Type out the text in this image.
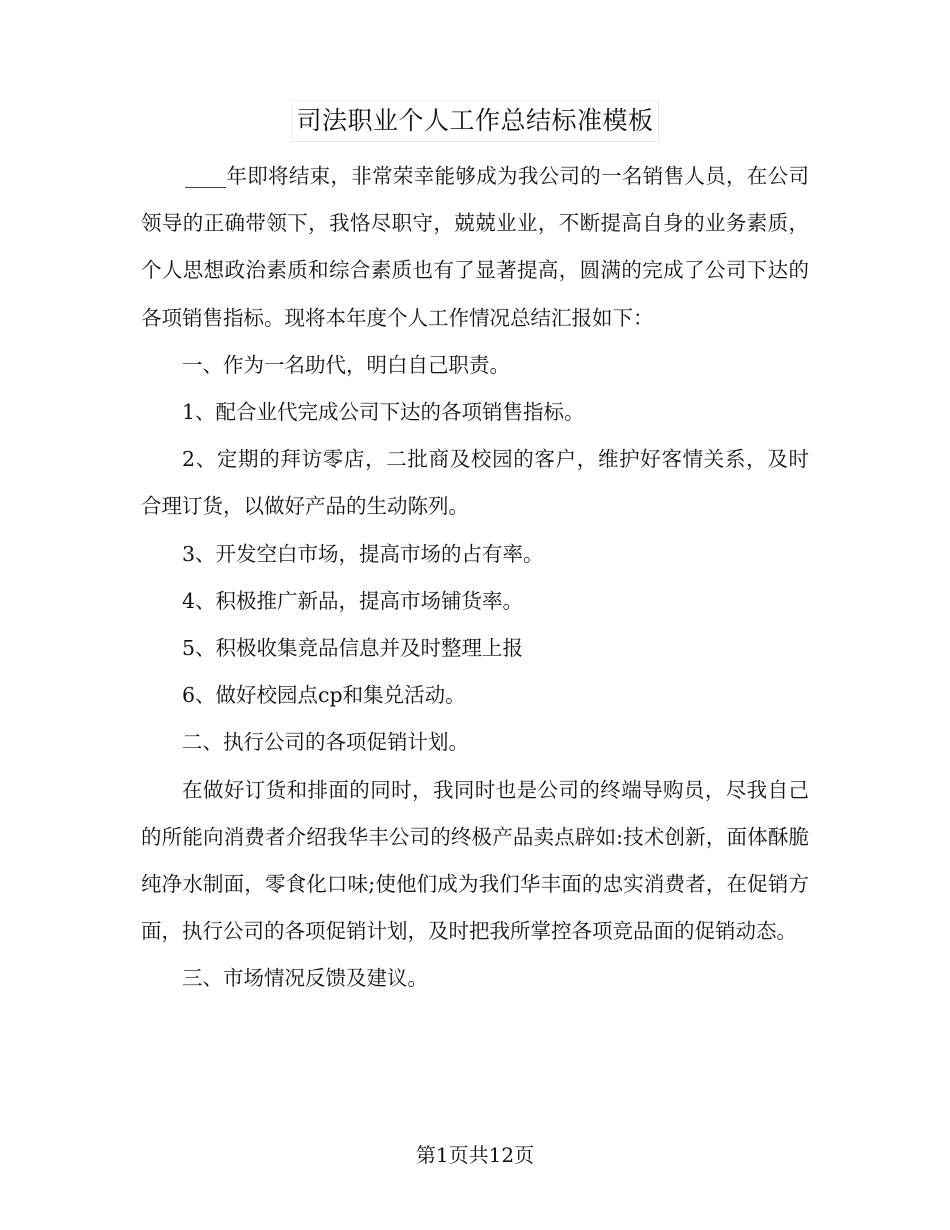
司法职业个人工作总结标准模板

____年即将结束，非常荣幸能够成为我公司的一名销售人员，在公司领导的正确带领下，我恪尽职守，兢兢业业，不断提高自身的业务素质，个人思想政治素质和综合素质也有了显著提高，圆满的完成了公司下达的各项销售指标。现将本年度个人工作情况总结汇报如下：

一、作为一名助代，明白自己职责。

1、配合业代完成公司下达的各项销售指标。

2、定期的拜访零店，二批商及校园的客户，维护好客情关系，及时合理订货，以做好产品的生动陈列。

3、开发空白市场，提高市场的占有率。

4、积极推广新品，提高市场铺货率。

5、积极收集竞品信息并及时整理上报

6、做好校园点cp和集兑活动。

二、执行公司的各项促销计划。

在做好订货和排面的同时，我同时也是公司的终端导购员，尽我自己的所能向消费者介绍我华丰公司的终极产品卖点辟如:技术创新，面体酥脆纯净水制面，零食化口味;使他们成为我们华丰面的忠实消费者，在促销方面，执行公司的各项促销计划，及时把我所掌控各项竞品面的促销动态。

三、市场情况反馈及建议。

第1页共12页
